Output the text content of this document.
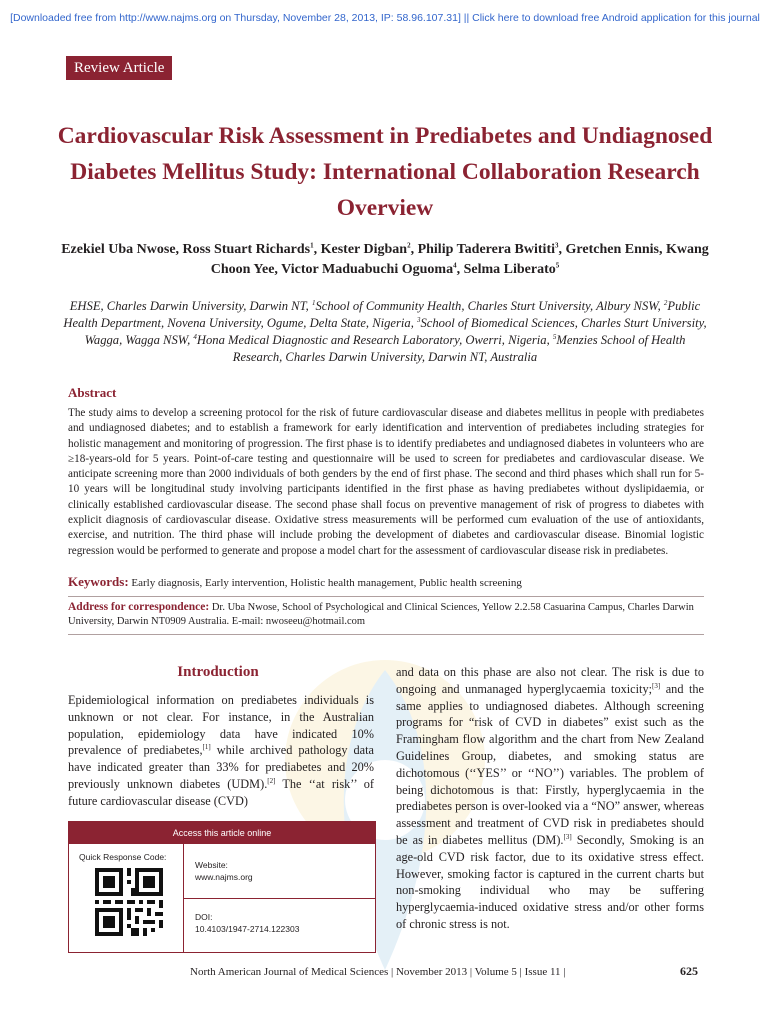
[Downloaded free from http://www.najms.org on Thursday, November 28, 2013, IP: 58.96.107.31] || Click here to download free Android application for this journal
Review Article
Cardiovascular Risk Assessment in Prediabetes and Undiagnosed Diabetes Mellitus Study: International Collaboration Research Overview
Ezekiel Uba Nwose, Ross Stuart Richards$^1$, Kester Digban$^2$, Philip Taderera Bwititi$^3$, Gretchen Ennis, Kwang Choon Yee, Victor Maduabuchi Oguoma$^4$, Selma Liberato$^5$
EHSE, Charles Darwin University, Darwin NT, $^1$School of Community Health, Charles Sturt University, Albury NSW, $^2$Public Health Department, Novena University, Ogume, Delta State, Nigeria, $^3$School of Biomedical Sciences, Charles Sturt University, Wagga, Wagga NSW, $^4$Hona Medical Diagnostic and Research Laboratory, Owerri, Nigeria, $^5$Menzies School of Health Research, Charles Darwin University, Darwin NT, Australia
Abstract
The study aims to develop a screening protocol for the risk of future cardiovascular disease and diabetes mellitus in people with prediabetes and undiagnosed diabetes; and to establish a framework for early identification and intervention of prediabetes including strategies for holistic management and monitoring of progression. The first phase is to identify prediabetes and undiagnosed diabetes in volunteers who are ≥18-years-old for 5 years. Point-of-care testing and questionnaire will be used to screen for prediabetes and cardiovascular disease. We anticipate screening more than 2000 individuals of both genders by the end of first phase. The second and third phases which shall run for 5-10 years will be longitudinal study involving participants identified in the first phase as having prediabetes without dyslipidaemia, or clinically established cardiovascular disease. The second phase shall focus on preventive management of risk of progress to diabetes with explicit diagnosis of cardiovascular disease. Oxidative stress measurements will be performed cum evaluation of the use of antioxidants, exercise, and nutrition. The third phase will include probing the development of diabetes and cardiovascular disease. Binomial logistic regression would be performed to generate and propose a model chart for the assessment of cardiovascular disease risk in prediabetes.
Keywords: Early diagnosis, Early intervention, Holistic health management, Public health screening
Address for correspondence: Dr. Uba Nwose, School of Psychological and Clinical Sciences, Yellow 2.2.58 Casuarina Campus, Charles Darwin University, Darwin NT0909 Australia. E-mail: nwoseeu@hotmail.com
Introduction
Epidemiological information on prediabetes individuals is unknown or not clear. For instance, in the Australian population, epidemiology data have indicated 10% prevalence of prediabetes,[1] while archived pathology data have indicated greater than 33% for prediabetes and 20% previously unknown diabetes (UDM).[2] The ‘‘at risk’’ of future cardiovascular disease (CVD)
Access this article online
Quick Response Code:
Website:
www.najms.org
DOI:
10.4103/1947-2714.122303
and data on this phase are also not clear. The risk is due to ongoing and unmanaged hyperglycaemia toxicity;[3] and the same applies to undiagnosed diabetes. Although screening programs for “risk of CVD in diabetes” exist such as the Framingham flow algorithm and the chart from New Zealand Guidelines Group, diabetes, and smoking status are dichotomous (‘‘YES’’ or ‘‘NO’’) variables. The problem of being dichotomous is that: Firstly, hyperglycaemia in the prediabetes person is over-looked via a “NO” answer, whereas assessment and treatment of CVD risk in prediabetes should be as in diabetes mellitus (DM).[3] Secondly, Smoking is an age-old CVD risk factor, due to its oxidative stress effect. However, smoking factor is captured in the current charts but non-smoking individual who may be suffering hyperglycaemia-induced oxidative stress and/or other forms of chronic stress is not.
North American Journal of Medical Sciences | November 2013 | Volume 5 | Issue 11 |	625
